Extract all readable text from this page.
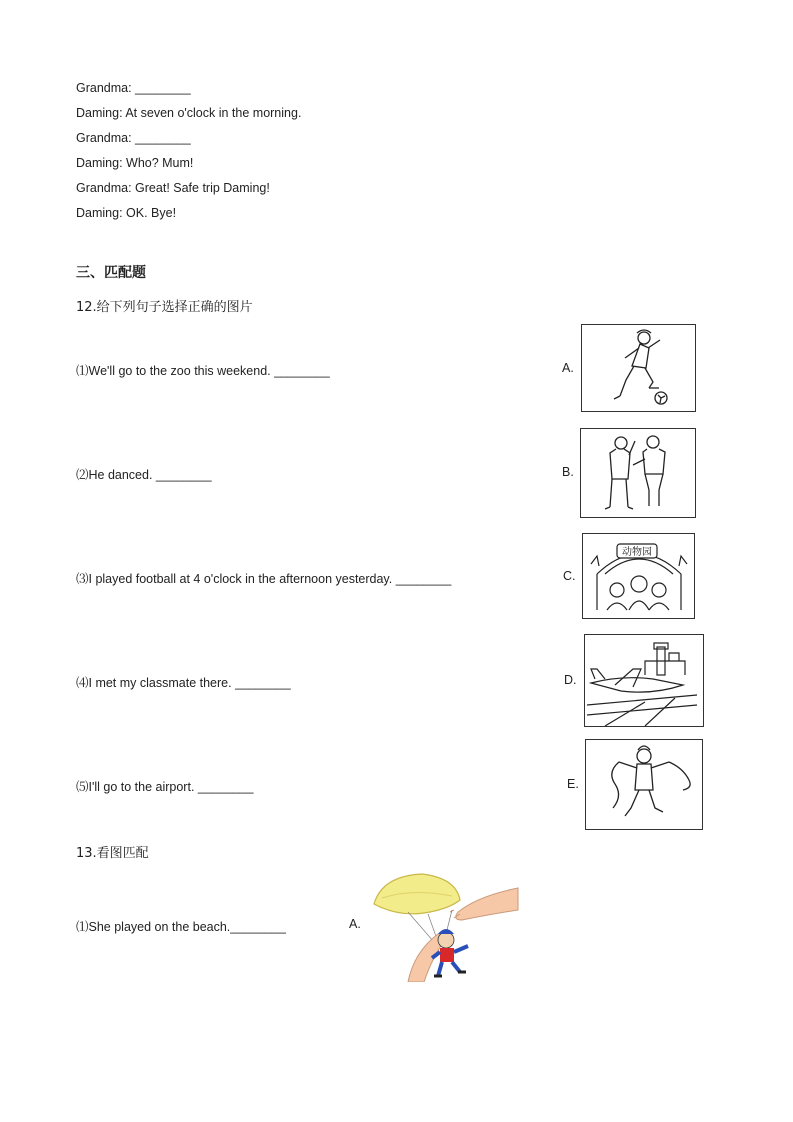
Grandma: ________
Daming: At seven o'clock in the morning.
Grandma: ________
Daming: Who? Mum!
Grandma: Great! Safe trip Daming!
Daming: OK. Bye!
三、匹配题
12.给下列句子选择正确的图片
⑴We'll go to the zoo this weekend. ________
⑵He danced. ________
⑶I played football at 4 o'clock in the afternoon yesterday. ________
⑷I met my classmate there. ________
⑸I'll go to the airport. ________
A.
B.
C.
D.
E.
动物园
13.看图匹配
⑴She played on the beach.________	A.
